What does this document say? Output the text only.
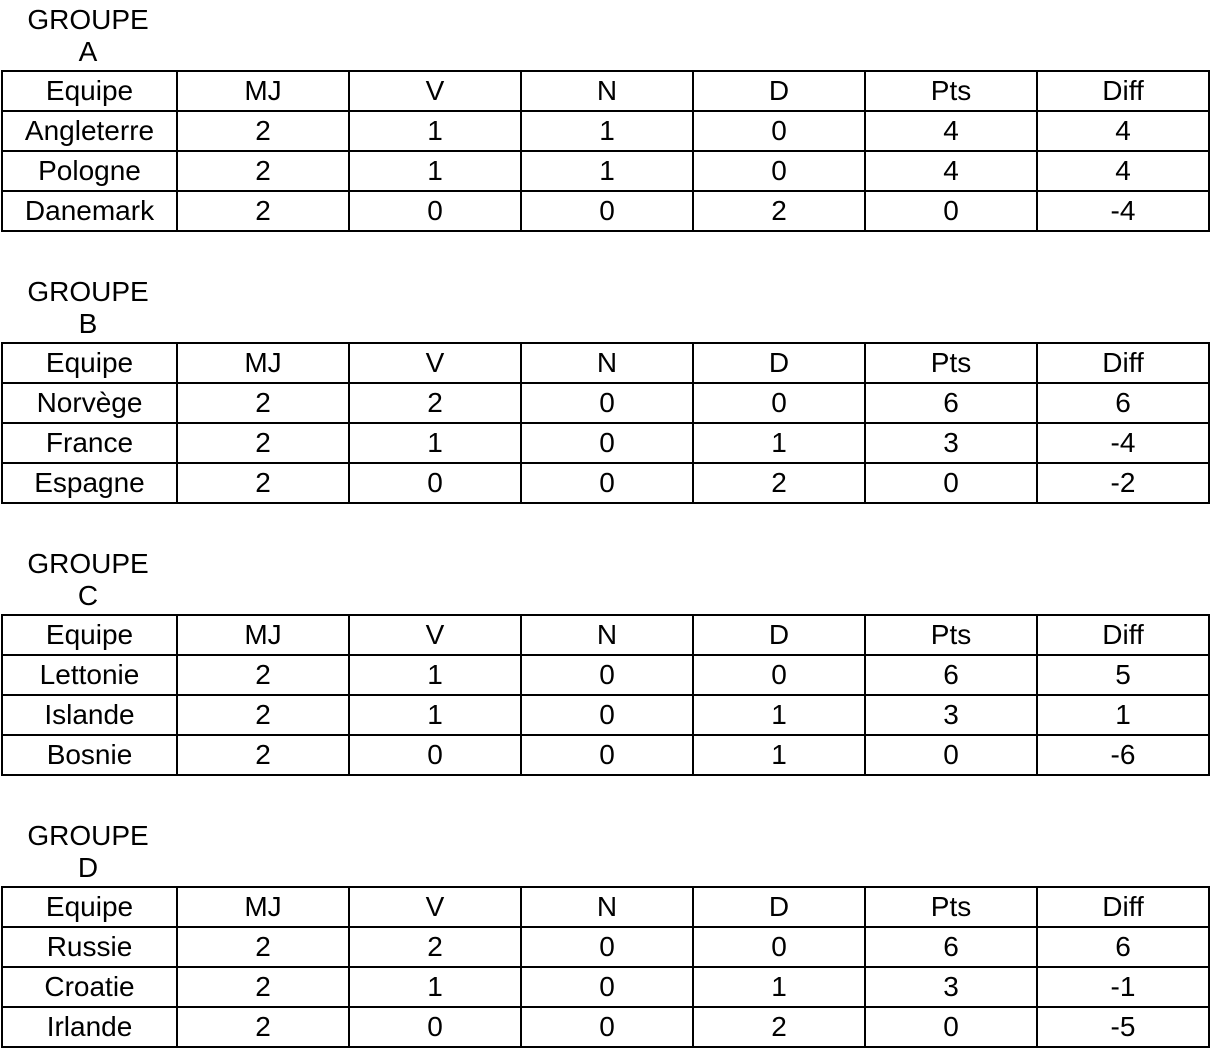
GROUPE
A
Equipe	MJ	V	N	D	Pts	Diff
Angleterre	2	1	1	0	4	4
Pologne	2	1	1	0	4	4
Danemark	2	0	0	2	0	-4
GROUPE
B
Equipe	MJ	V	N	D	Pts	Diff
Norvège	2	2	0	0	6	6
France	2	1	0	1	3	-4
Espagne	2	0	0	2	0	-2
GROUPE
C
Equipe	MJ	V	N	D	Pts	Diff
Lettonie	2	1	0	0	6	5
Islande	2	1	0	1	3	1
Bosnie	2	0	0	1	0	-6
GROUPE
D
Equipe	MJ	V	N	D	Pts	Diff
Russie	2	2	0	0	6	6
Croatie	2	1	0	1	3	-1
Irlande	2	0	0	2	0	-5
